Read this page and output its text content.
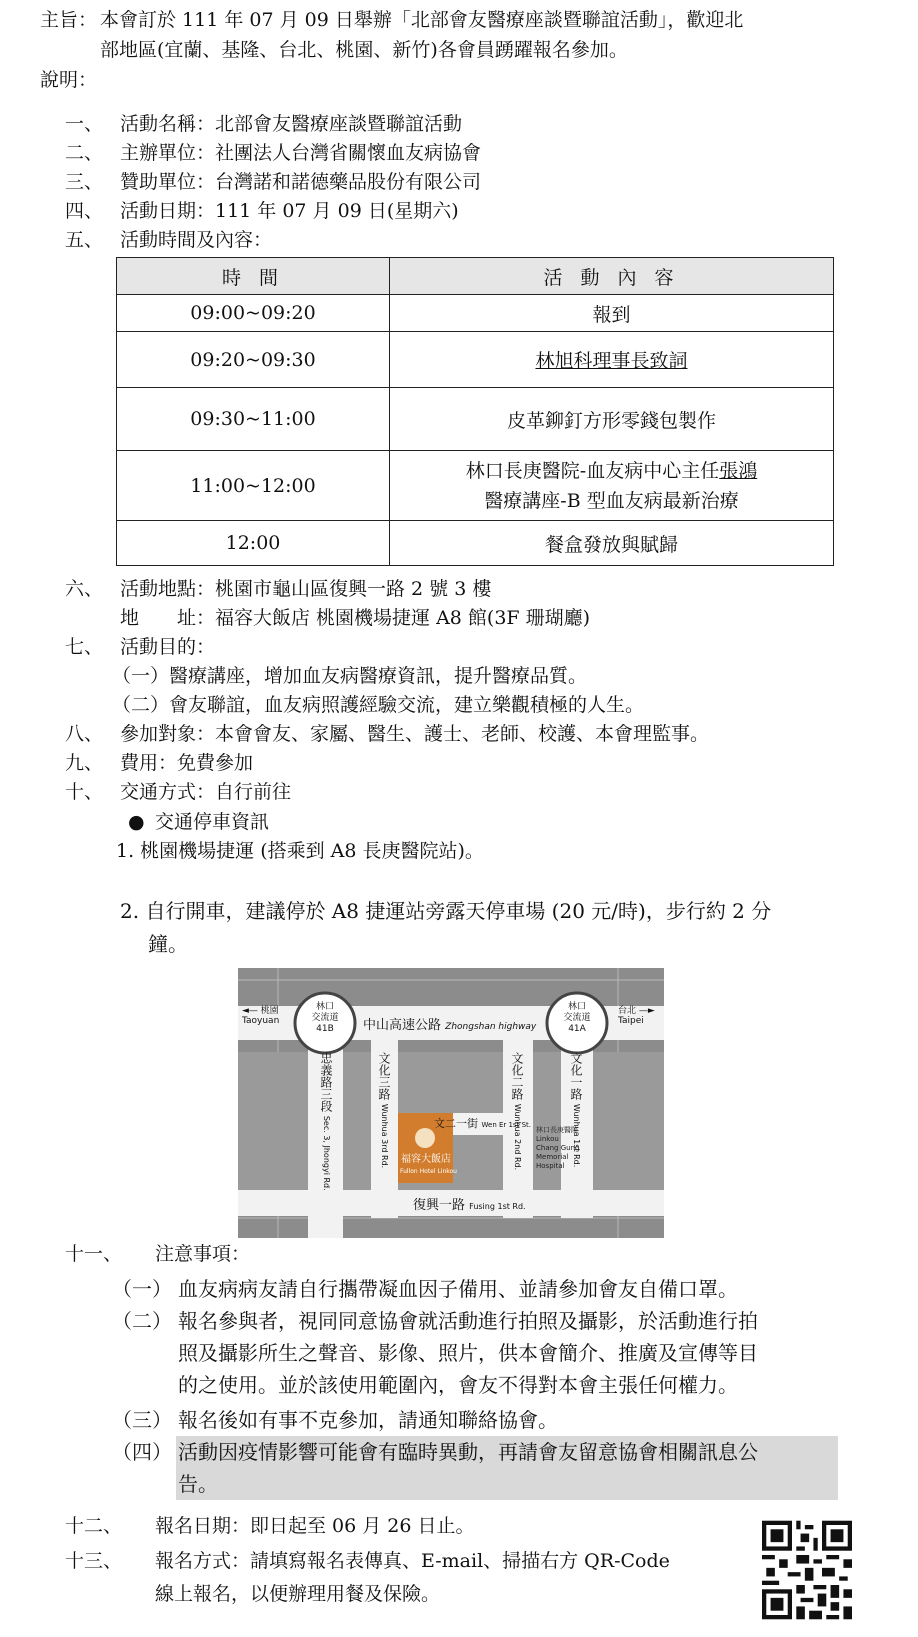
主旨： 本會訂於 111 年 07 月 09 日舉辦「北部會友醫療座談暨聯誼活動」，歡迎北
部地區(宜蘭、基隆、台北、桃園、新竹)各會員踴躍報名參加。
說明：
一、 活動名稱：北部會友醫療座談暨聯誼活動
二、 主辦單位：社團法人台灣省關懷血友病協會
三、 贊助單位：台灣諾和諾德藥品股份有限公司
四、 活動日期：111 年 07 月 09 日(星期六)
五、 活動時間及內容：
時 間	活 動 內 容
09:00~09:20	報到
09:20~09:30	林旭科理事長致詞
09:30~11:00	皮革鉚釘方形零錢包製作
11:00~12:00	林口長庚醫院-血友病中心主任張鴻
醫療講座-B 型血友病最新治療
12:00	餐盒發放與賦歸
六、 活動地點：桃園市龜山區復興一路 2 號 3 樓
地　　址：福容大飯店 桃園機場捷運 A8 館(3F 珊瑚廳)
七、 活動目的：
（一）醫療講座，增加血友病醫療資訊，提升醫療品質。
（二）會友聯誼，血友病照護經驗交流，建立樂觀積極的人生。
八、 參加對象：本會會友、家屬、醫生、護士、老師、校護、本會理監事。
九、 費用：免費參加
十、 交通方式：自行前往
● 交通停車資訊
1. 桃園機場捷運 (搭乘到 A8 長庚醫院站)。
2. 自行開車，建議停於 A8 捷運站旁露天停車場 (20 元/時)，步行約 2 分
鐘。
◄— 桃園
Taoyuan
台北 —►
Taipei
林口
交流道
41B
林口
交流道
41A
中山高速公路 Zhongshan highway
忠義路三段 Sec. 3, Jhongyi Rd.
文化三路 Wunhua 3rd Rd.
文化二路 Wunhua 2nd Rd.
文化一路 Wunhua 1st Rd.
文二一街 Wen Er 1st St.
復興一路 Fusing 1st Rd.
福容大飯店
Fullon Hotel Linkou
林口長庚醫院
Linkou
Chang Gung
Memorial
Hospital
十一、 注意事項：
（一） 血友病病友請自行攜帶凝血因子備用、並請參加會友自備口罩。
（二） 報名參與者，視同同意協會就活動進行拍照及攝影，於活動進行拍
照及攝影所生之聲音、影像、照片，供本會簡介、推廣及宣傳等目
的之使用。並於該使用範圍內，會友不得對本會主張任何權力。
（三） 報名後如有事不克參加，請通知聯絡協會。
（四） 活動因疫情影響可能會有臨時異動，再請會友留意協會相關訊息公
告。
十二、 報名日期：即日起至 06 月 26 日止。
十三、 報名方式：請填寫報名表傳真、E-mail、掃描右方 QR-Code
線上報名，以便辦理用餐及保險。
